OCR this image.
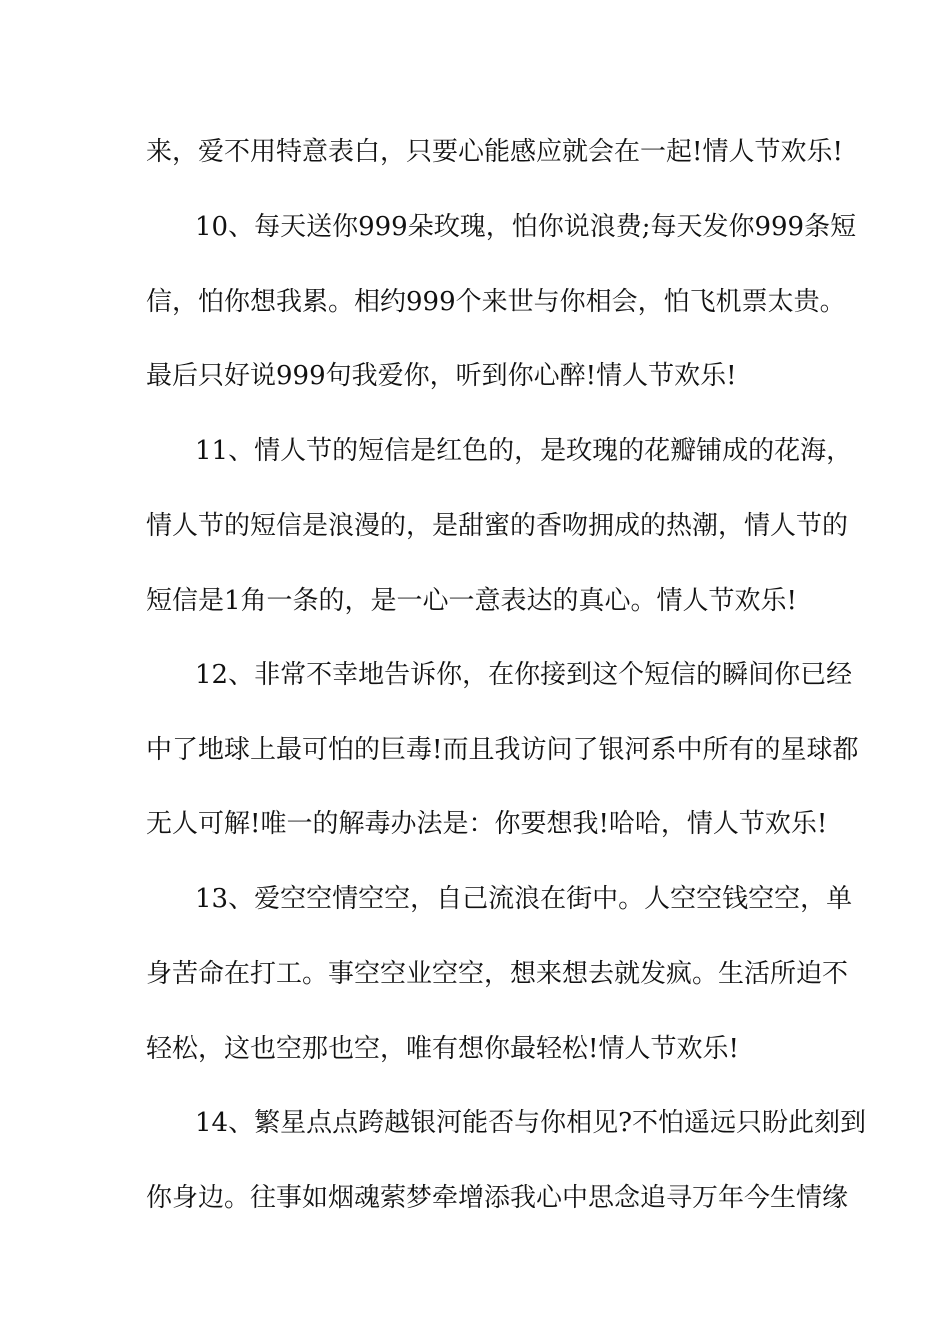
来，爱不用特意表白，只要心能感应就会在一起!情人节欢乐!
10、每天送你999朵玫瑰，怕你说浪费;每天发你999条短
信，怕你想我累。相约999个来世与你相会，怕飞机票太贵。
最后只好说999句我爱你，听到你心醉!情人节欢乐!
11、情人节的短信是红色的，是玫瑰的花瓣铺成的花海，
情人节的短信是浪漫的，是甜蜜的香吻拥成的热潮，情人节的
短信是1角一条的，是一心一意表达的真心。情人节欢乐!
12、非常不幸地告诉你，在你接到这个短信的瞬间你已经
中了地球上最可怕的巨毒!而且我访问了银河系中所有的星球都
无人可解!唯一的解毒办法是：你要想我!哈哈，情人节欢乐!
13、爱空空情空空，自己流浪在街中。人空空钱空空，单
身苦命在打工。事空空业空空，想来想去就发疯。生活所迫不
轻松，这也空那也空，唯有想你最轻松!情人节欢乐!
14、繁星点点跨越银河能否与你相见?不怕遥远只盼此刻到
你身边。往事如烟魂萦梦牵增添我心中思念追寻万年今生情缘
